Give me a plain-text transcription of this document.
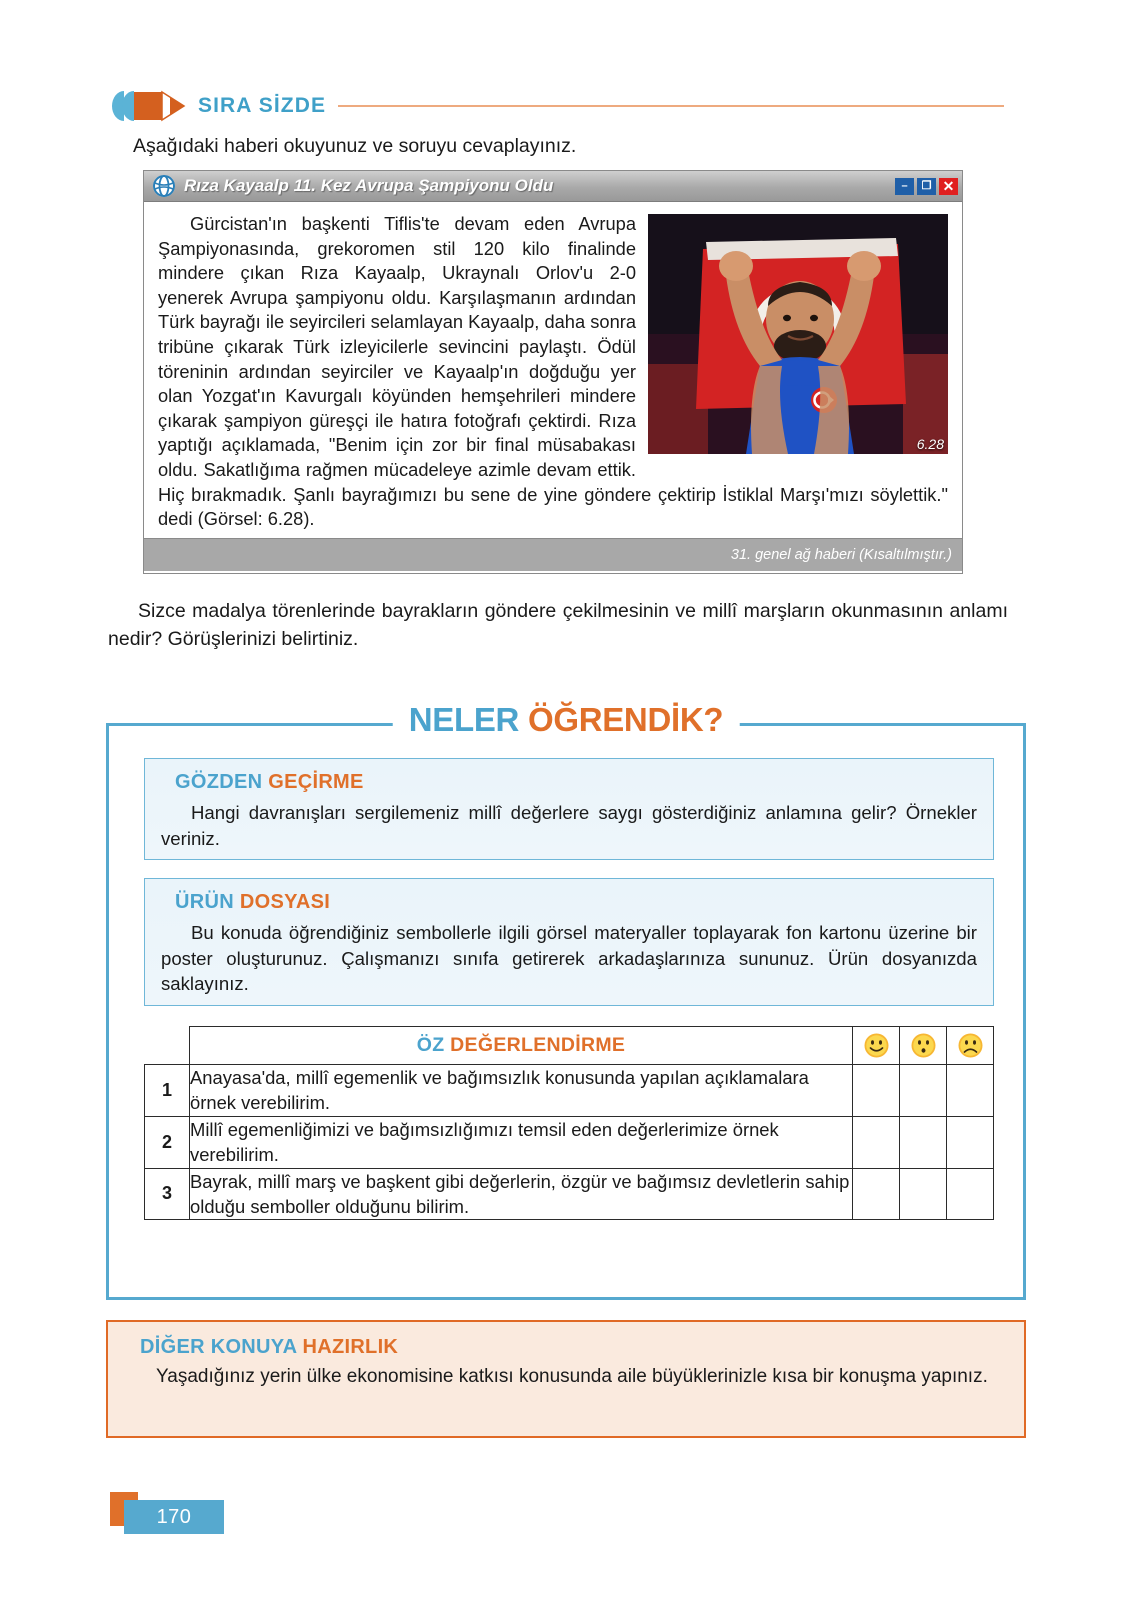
SIRA SİZDE
Aşağıdaki haberi okuyunuz ve soruyu cevaplayınız.
Rıza Kayaalp 11. Kez Avrupa Şampiyonu Oldu	–	❐ ✕
6.28
Gürcistan'ın başkenti Tiflis'te devam eden Avrupa Şampiyonasında, grekoromen stil 120 kilo finalinde mindere çıkan Rıza Kayaalp, Ukraynalı Orlov'u 2-0 yenerek Avrupa şampiyonu oldu. Karşılaşmanın ardından Türk bayrağı ile seyircileri selamlayan Kayaalp, daha sonra tribüne çıkarak Türk izleyicilerle sevincini paylaştı. Ödül töreninin ardından seyirciler ve Kayaalp'ın doğduğu yer olan Yozgat'ın Kavurgalı köyünden hemşehrileri mindere çıkarak şampiyon güreşçi ile hatıra fotoğrafı çektirdi. Rıza yaptığı açıklamada, "Benim için zor bir final müsabakası oldu. Sakatlığıma rağmen mücadeleye azimle devam ettik. Hiç bırakmadık. Şanlı bayrağımızı bu sene de yine göndere çektirip İstiklal Marşı'mızı söylettik." dedi (Görsel: 6.28).
31. genel ağ haberi (Kısaltılmıştır.)
Sizce madalya törenlerinde bayrakların göndere çekilmesinin ve millî marşların okunmasının anlamı nedir? Görüşlerinizi belirtiniz.
NELER ÖĞRENDİK?
GÖZDEN GEÇİRME
Hangi davranışları sergilemeniz millî değerlere saygı gösterdiğiniz anlamına gelir? Örnekler veriniz.
ÜRÜN DOSYASI
Bu konuda öğrendiğiniz sembollerle ilgili görsel materyaller toplayarak fon kartonu üzerine bir poster oluşturunuz. Çalışmanızı sınıfa getirerek arkadaşlarınıza sununuz. Ürün dosyanızda saklayınız.
	ÖZ DEĞERLENDİRME			
1	Anayasa'da, millî egemenlik ve bağımsızlık konusunda yapılan açıklamalara örnek verebilirim.			
2	Millî egemenliğimizi ve bağımsızlığımızı temsil eden değerlerimize örnek verebilirim.			
3	Bayrak, millî marş ve başkent gibi değerlerin, özgür ve bağımsız devletlerin sahip olduğu semboller olduğunu bilirim.			
DİĞER KONUYA HAZIRLIK
Yaşadığınız yerin ülke ekonomisine katkısı konusunda aile büyüklerinizle kısa bir konuşma yapınız.
170
